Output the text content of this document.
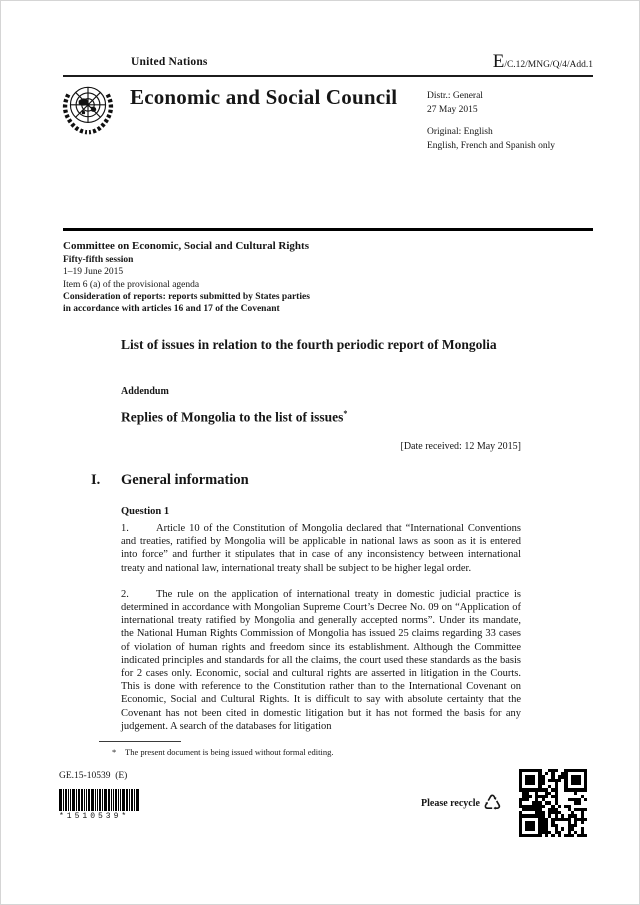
United Nations	E/C.12/MNG/Q/4/Add.1
Economic and Social Council	Distr.: General
27 May 2015
Original: English
English, French and Spanish only
Committee on Economic, Social and Cultural Rights
Fifty-fifth session
1–19 June 2015
Item 6 (a) of the provisional agenda
Consideration of reports: reports submitted by States parties
in accordance with articles 16 and 17 of the Covenant
List of issues in relation to the fourth periodic report of Mongolia
Addendum
Replies of Mongolia to the list of issues*
[Date received: 12 May 2015]
I. General information
Question 1

1.	Article 10 of the Constitution of Mongolia declared that “International Conventions and treaties, ratified by Mongolia will be applicable in national laws as soon as it is entered into force” and further it stipulates that in case of any inconsistency between international treaty and national law, international treaty shall be subject to be higher legal order.

2.	The rule on the application of international treaty in domestic judicial practice is determined in accordance with Mongolian Supreme Court’s Decree No. 09 on “Application of international treaty ratified by Mongolia and generally accepted norms”. Under its mandate, the National Human Rights Commission of Mongolia has issued 25 claims regarding 33 cases of violation of human rights and freedom since its establishment. Although the Committee indicated principles and standards for all the claims, the court used these standards as the basis for 2 cases only. Economic, social and cultural rights are asserted in litigation in the Courts. This is done with reference to the Constitution rather than to the International Covenant on Economic, Social and Cultural Rights. It is difficult to say with absolute certainty that the Covenant has not been cited in domestic litigation but it has not formed the basis for any judgement. A search of the databases for litigation

* The present document is being issued without formal editing.
GE.15-10539  (E)
*1510539*
Please recycle ♺
